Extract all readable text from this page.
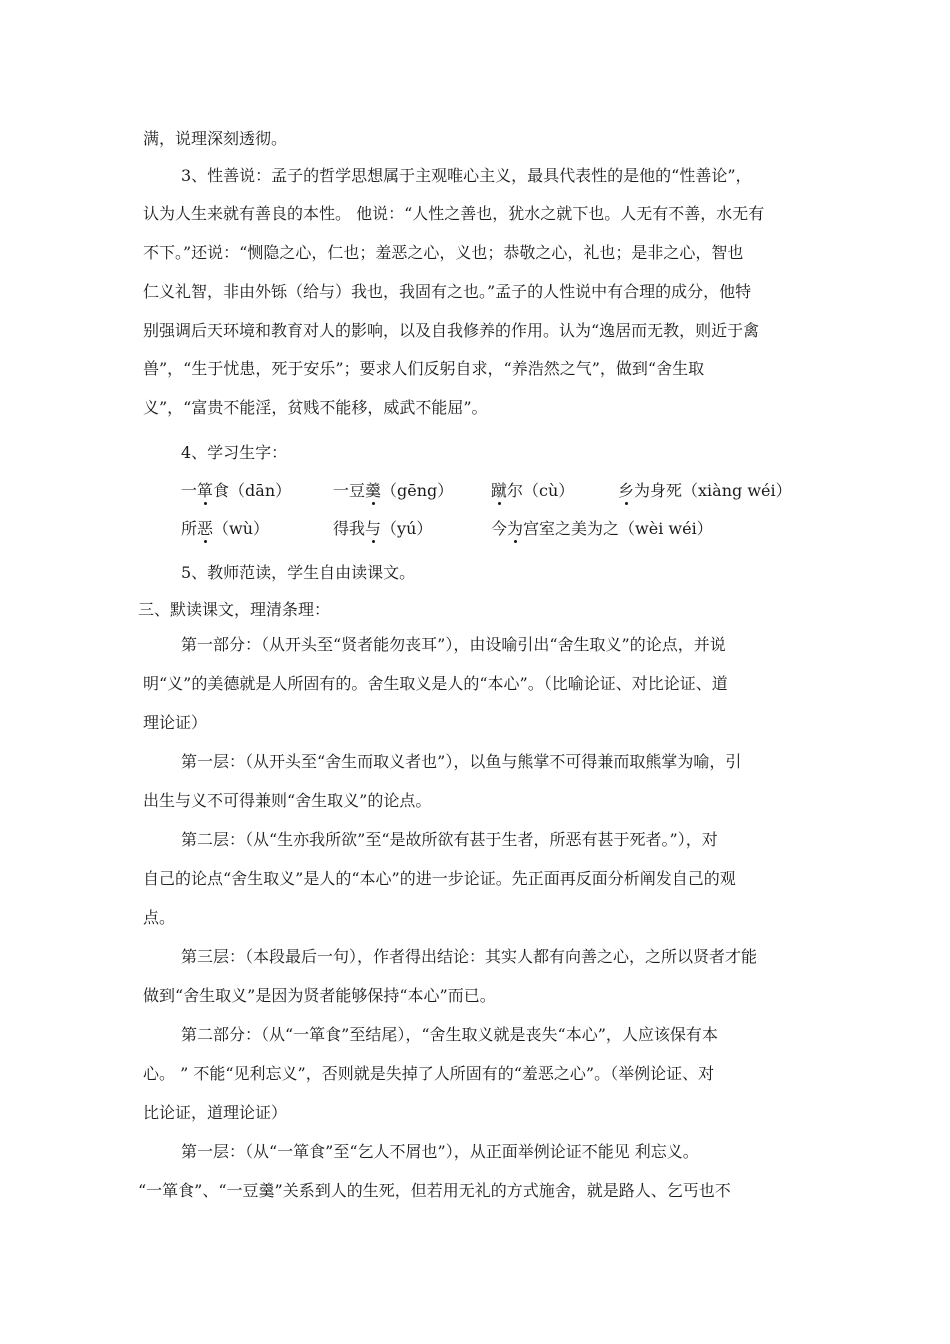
满，说理深刻透彻。
3、性善说：孟子的哲学思想属于主观唯心主义，最具代表性的是他的“性善论”，
认为人生来就有善良的本性。 他说：“人性之善也，犹水之就下也。人无有不善，水无有
不下。”还说：“恻隐之心，仁也；羞恶之心，义也；恭敬之心，礼也；是非之心，智也
仁义礼智，非由外铄（给与）我也，我固有之也。”孟子的人性说中有合理的成分，他特
别强调后天环境和教育对人的影响，以及自我修养的作用。认为“逸居而无教，则近于禽
兽”，“生于忧患，死于安乐”；要求人们反躬自求，“养浩然之气”，做到“舍生取
义”，“富贵不能淫，贫贱不能移，威武不能屈”。
4、学习生字：
一箪食（dān）	一豆羹（gēng） 蹴尔（cù）	乡为身死（xiàng wéi）
所恶（wù）	得我与（yú）	今为宫室之美为之（wèi wéi）
5、教师范读，学生自由读课文。
三、默读课文，理清条理：
第一部分：（从开头至“贤者能勿丧耳”），由设喻引出“舍生取义”的论点，并说
明“义”的美德就是人所固有的。舍生取义是人的“本心”。（比喻论证、对比论证、道
理论证）
第一层：（从开头至“舍生而取义者也”），以鱼与熊掌不可得兼而取熊掌为喻，引
出生与义不可得兼则“舍生取义”的论点。
第二层：（从“生亦我所欲”至“是故所欲有甚于生者，所恶有甚于死者。”），对
自己的论点“舍生取义”是人的“本心”的进一步论证。先正面再反面分析阐发自己的观
点。
第三层：（本段最后一句），作者得出结论：其实人都有向善之心，之所以贤者才能
做到“舍生取义”是因为贤者能够保持“本心”而已。
第二部分：（从“一箪食”至结尾），“舍生取义就是丧失“本心”，人应该保有本
心。 ” 不能“见利忘义”，否则就是失掉了人所固有的“羞恶之心”。（举例论证、对
比论证，道理论证）
第一层：（从“一箪食”至“乞人不屑也”），从正面举例论证不能见 利忘义。
“一箪食”、“一豆羹”关系到人的生死，但若用无礼的方式施舍，就是路人、乞丐也不
